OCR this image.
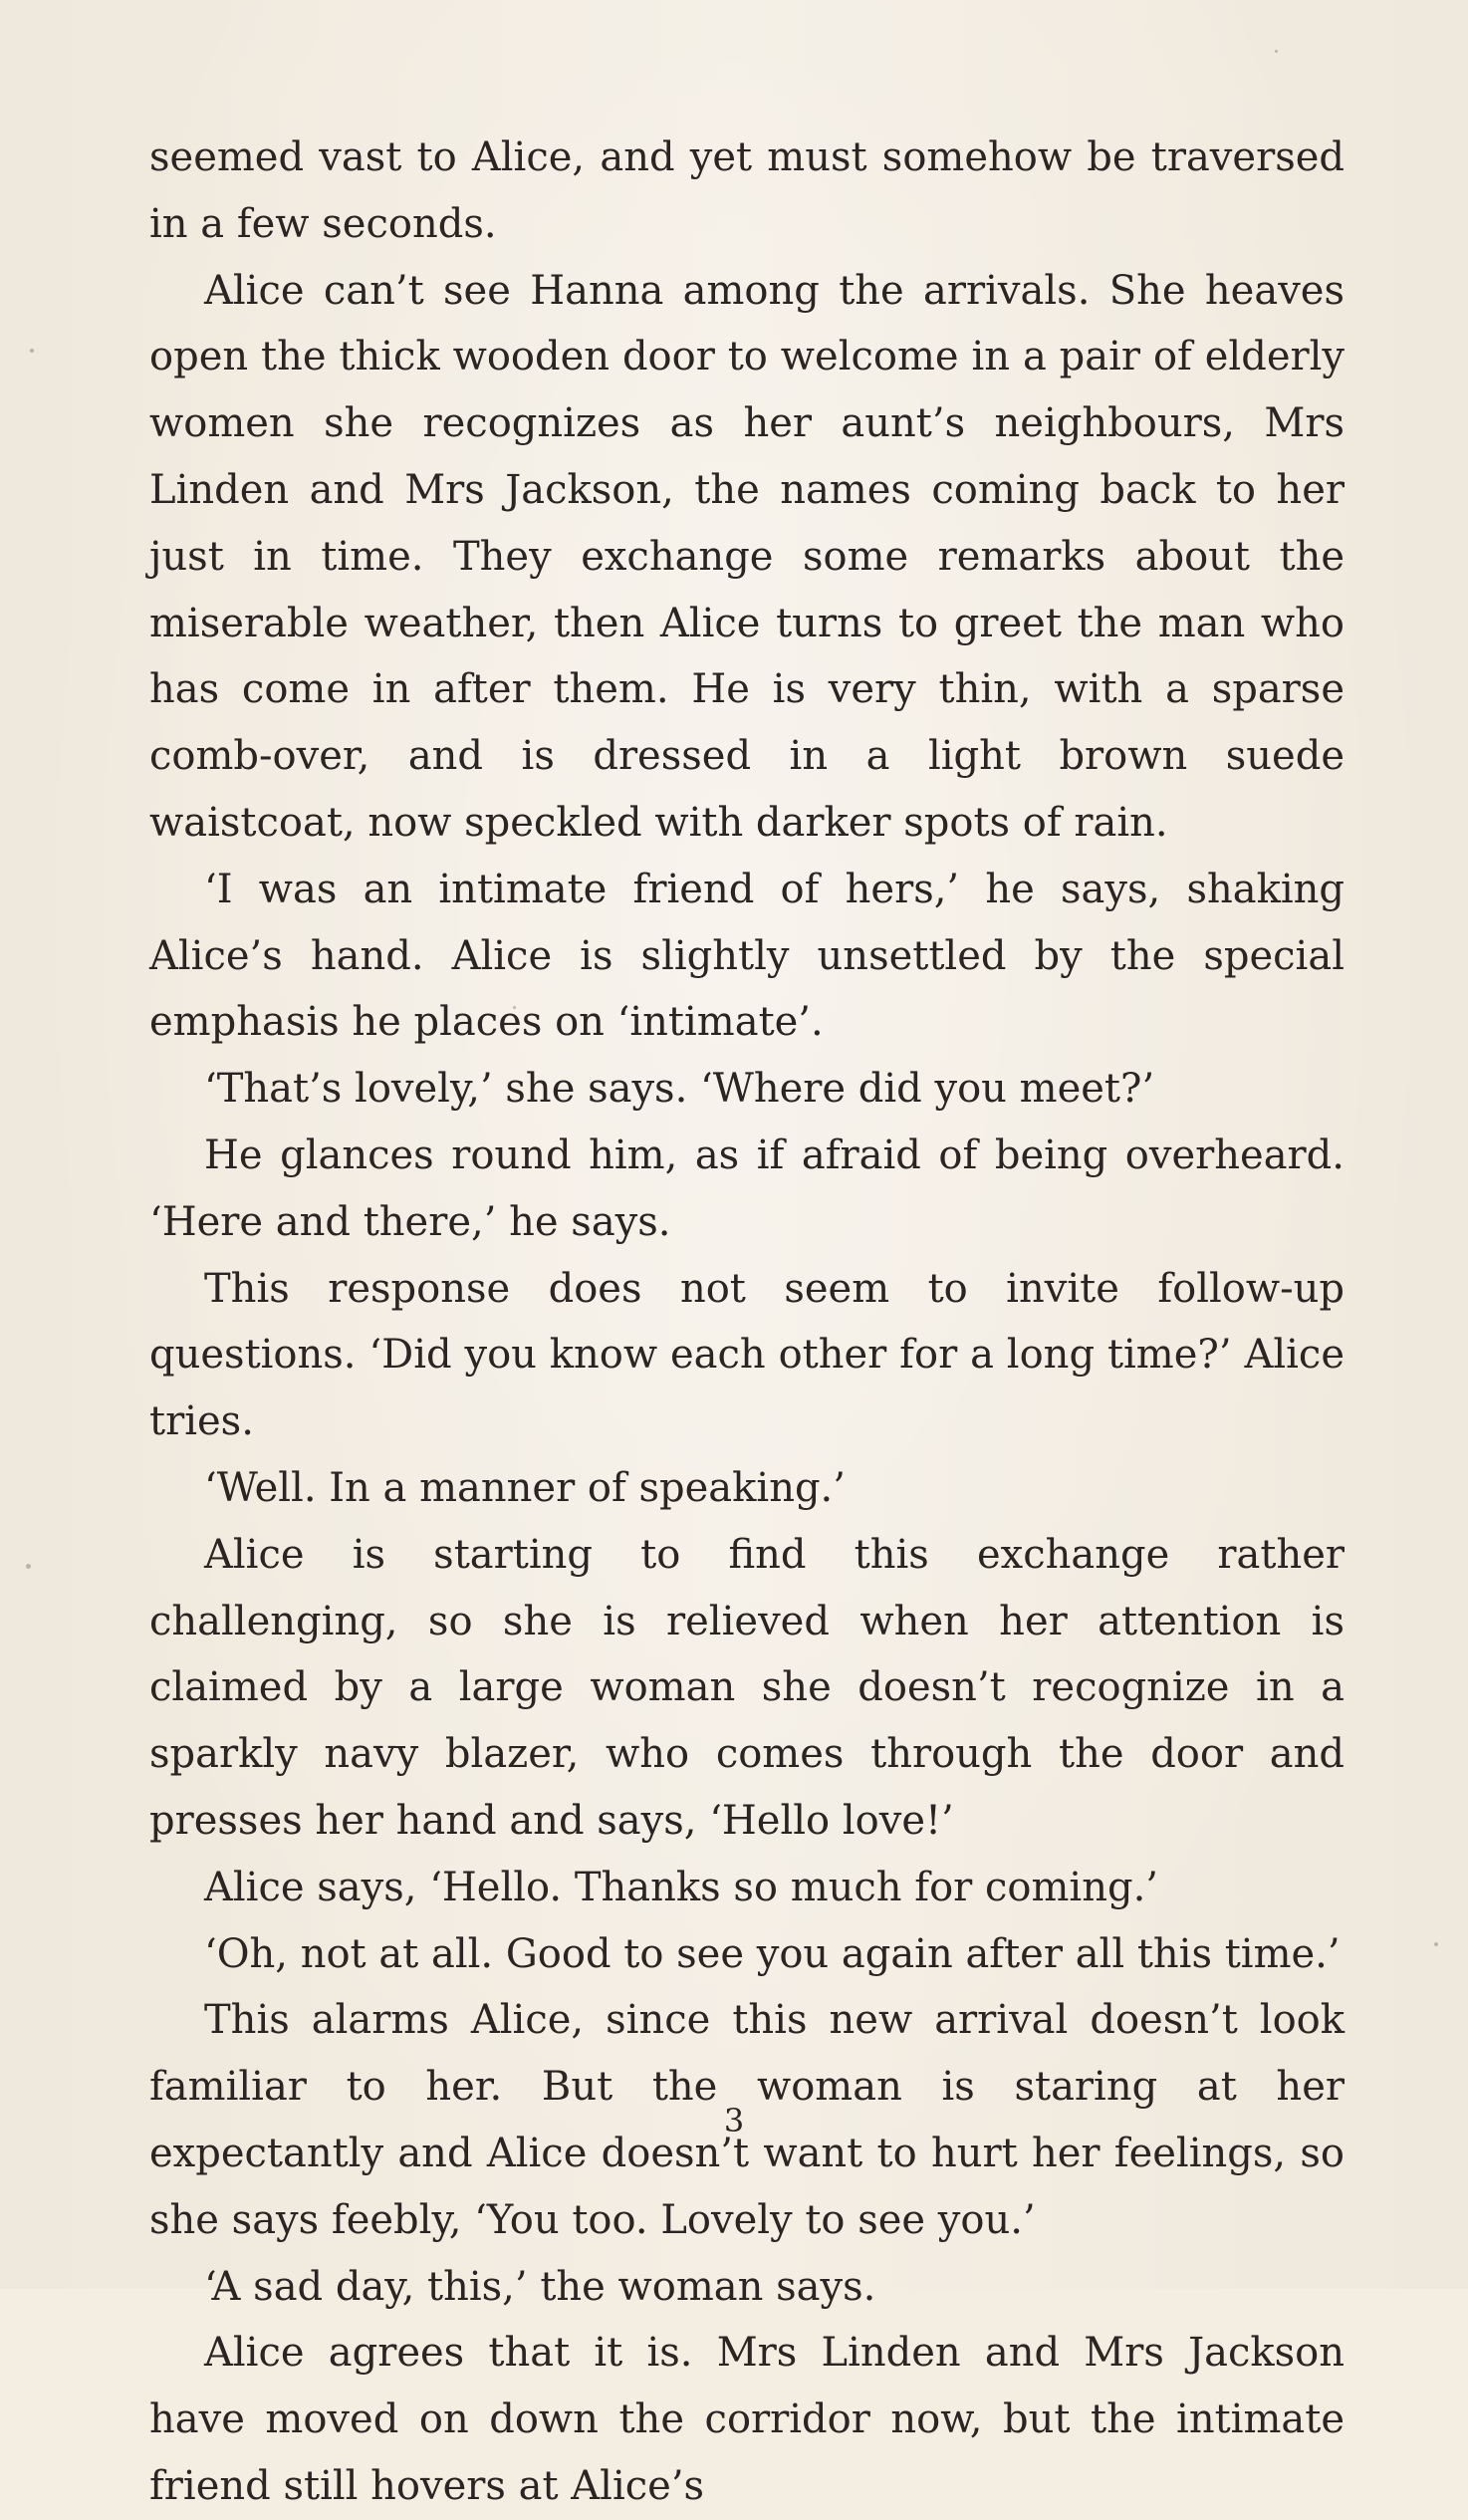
seemed vast to Alice, and yet must somehow be traversed in a few seconds.

Alice can’t see Hanna among the arrivals. She heaves open the thick wooden door to welcome in a pair of elderly women she recognizes as her aunt’s neighbours, Mrs Linden and Mrs Jackson, the names coming back to her just in time. They exchange some remarks about the miserable weather, then Alice turns to greet the man who has come in after them. He is very thin, with a sparse comb-over, and is dressed in a light brown suede waistcoat, now speckled with darker spots of rain.

‘I was an intimate friend of hers,’ he says, shaking Alice’s hand. Alice is slightly unsettled by the special emphasis he places on ‘intimate’.

‘That’s lovely,’ she says. ‘Where did you meet?’

He glances round him, as if afraid of being overheard. ‘Here and there,’ he says.

This response does not seem to invite follow-up questions. ‘Did you know each other for a long time?’ Alice tries.

‘Well. In a manner of speaking.’

Alice is starting to find this exchange rather challenging, so she is relieved when her attention is claimed by a large woman she doesn’t recognize in a sparkly navy blazer, who comes through the door and presses her hand and says, ‘Hello love!’

Alice says, ‘Hello. Thanks so much for coming.’

‘Oh, not at all. Good to see you again after all this time.’

This alarms Alice, since this new arrival doesn’t look familiar to her. But the woman is staring at her expectantly and Alice doesn’t want to hurt her feelings, so she says feebly, ‘You too. Lovely to see you.’

‘A sad day, this,’ the woman says.

Alice agrees that it is. Mrs Linden and Mrs Jackson have moved on down the corridor now, but the intimate friend still hovers at Alice’s

3
